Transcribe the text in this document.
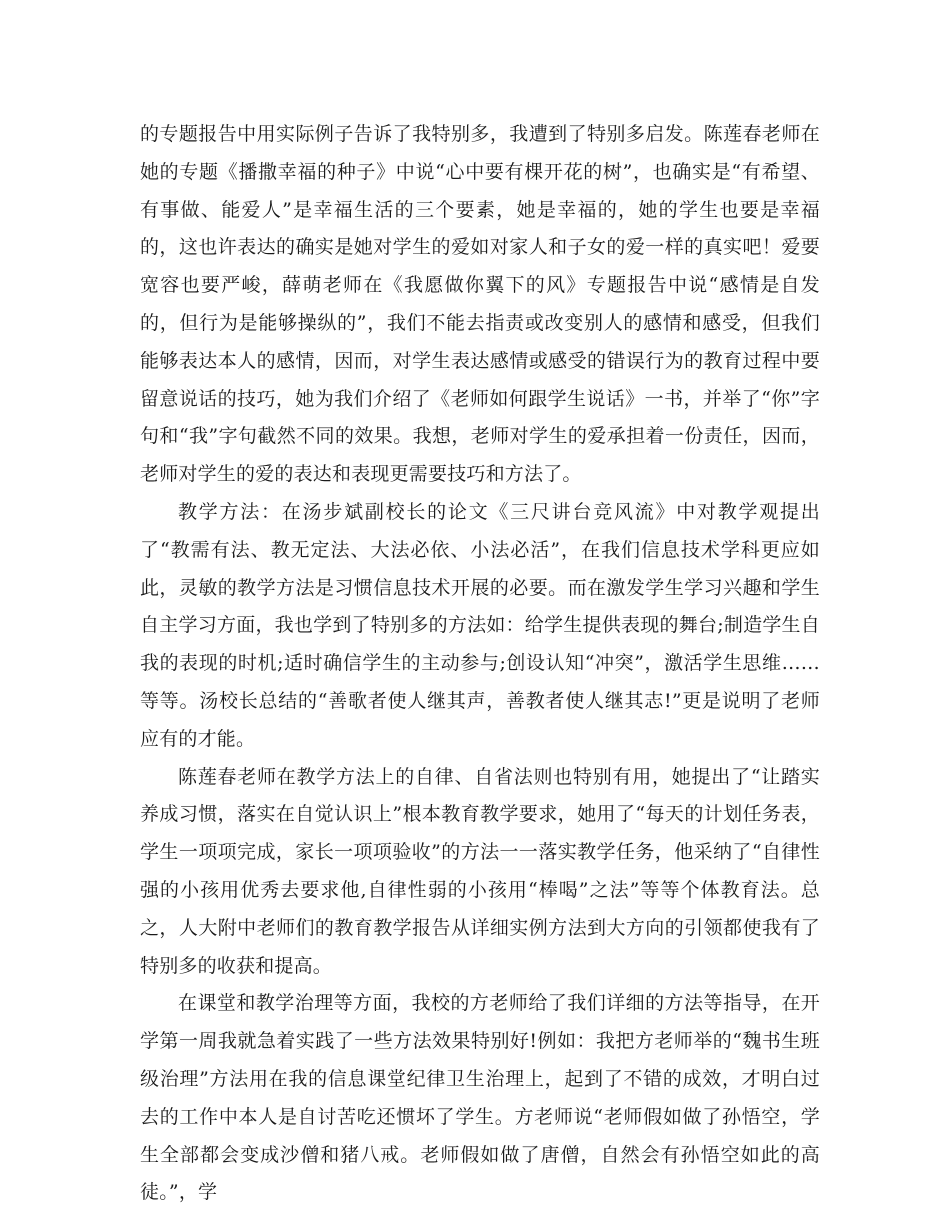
的专题报告中用实际例子告诉了我特别多，我遭到了特别多启发。陈莲春老师在她的专题《播撒幸福的种子》中说“心中要有棵开花的树”，也确实是“有希望、有事做、能爱人”是幸福生活的三个要素，她是幸福的，她的学生也要是幸福的，这也许表达的确实是她对学生的爱如对家人和子女的爱一样的真实吧！爱要宽容也要严峻，薛萌老师在《我愿做你翼下的风》专题报告中说“感情是自发的，但行为是能够操纵的”，我们不能去指责或改变别人的感情和感受，但我们能够表达本人的感情，因而，对学生表达感情或感受的错误行为的教育过程中要留意说话的技巧，她为我们介绍了《老师如何跟学生说话》一书，并举了“你”字句和“我”字句截然不同的效果。我想，老师对学生的爱承担着一份责任，因而，老师对学生的爱的表达和表现更需要技巧和方法了。

教学方法：在汤步斌副校长的论文《三尺讲台竞风流》中对教学观提出了“教需有法、教无定法、大法必依、小法必活”，在我们信息技术学科更应如此，灵敏的教学方法是习惯信息技术开展的必要。而在激发学生学习兴趣和学生自主学习方面，我也学到了特别多的方法如：给学生提供表现的舞台;制造学生自我的表现的时机;适时确信学生的主动参与;创设认知“冲突”，激活学生思维……等等。汤校长总结的“善歌者使人继其声，善教者使人继其志!”更是说明了老师应有的才能。

陈莲春老师在教学方法上的自律、自省法则也特别有用，她提出了“让踏实养成习惯，落实在自觉认识上”根本教育教学要求，她用了“每天的计划任务表，学生一项项完成，家长一项项验收”的方法一一落实教学任务，他采纳了“自律性强的小孩用优秀去要求他,自律性弱的小孩用“棒喝”之法”等等个体教育法。总之，人大附中老师们的教育教学报告从详细实例方法到大方向的引领都使我有了特别多的收获和提高。

在课堂和教学治理等方面，我校的方老师给了我们详细的方法等指导，在开学第一周我就急着实践了一些方法效果特别好!例如：我把方老师举的“魏书生班级治理”方法用在我的信息课堂纪律卫生治理上，起到了不错的成效，才明白过去的工作中本人是自讨苦吃还惯坏了学生。方老师说“老师假如做了孙悟空，学生全部都会变成沙僧和猪八戒。老师假如做了唐僧，自然会有孙悟空如此的高徒。”，学
